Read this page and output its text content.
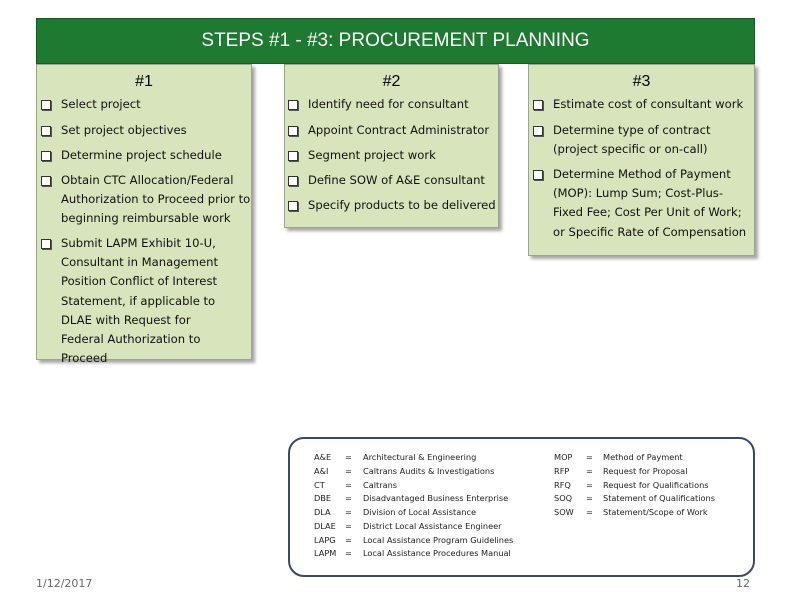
STEPS #1 - #3: PROCUREMENT PLANNING
#1
Select project
Set project objectives
Determine project schedule
Obtain CTC Allocation/Federal Authorization to Proceed prior to beginning reimbursable work
Submit LAPM Exhibit 10-U, Consultant in Management Position Conflict of Interest Statement, if applicable to DLAE with Request for Federal Authorization to Proceed
#2
Identify need for consultant
Appoint Contract Administrator
Segment project work
Define SOW of A&E consultant
Specify products to be delivered
#3
Estimate cost of consultant work
Determine type of contract (project specific or on-call)
Determine Method of Payment (MOP): Lump Sum; Cost-Plus-Fixed Fee; Cost Per Unit of Work; or Specific Rate of Compensation
A&E = Architectural & Engineering
A&I = Caltrans Audits & Investigations
CT = Caltrans
DBE = Disadvantaged Business Enterprise
DLA = Division of Local Assistance
DLAE = District Local Assistance Engineer
LAPG = Local Assistance Program Guidelines
LAPM = Local Assistance Procedures Manual
MOP = Method of Payment
RFP = Request for Proposal
RFQ = Request for Qualifications
SOQ = Statement of Qualifications
SOW = Statement/Scope of Work
1/12/2017	12
